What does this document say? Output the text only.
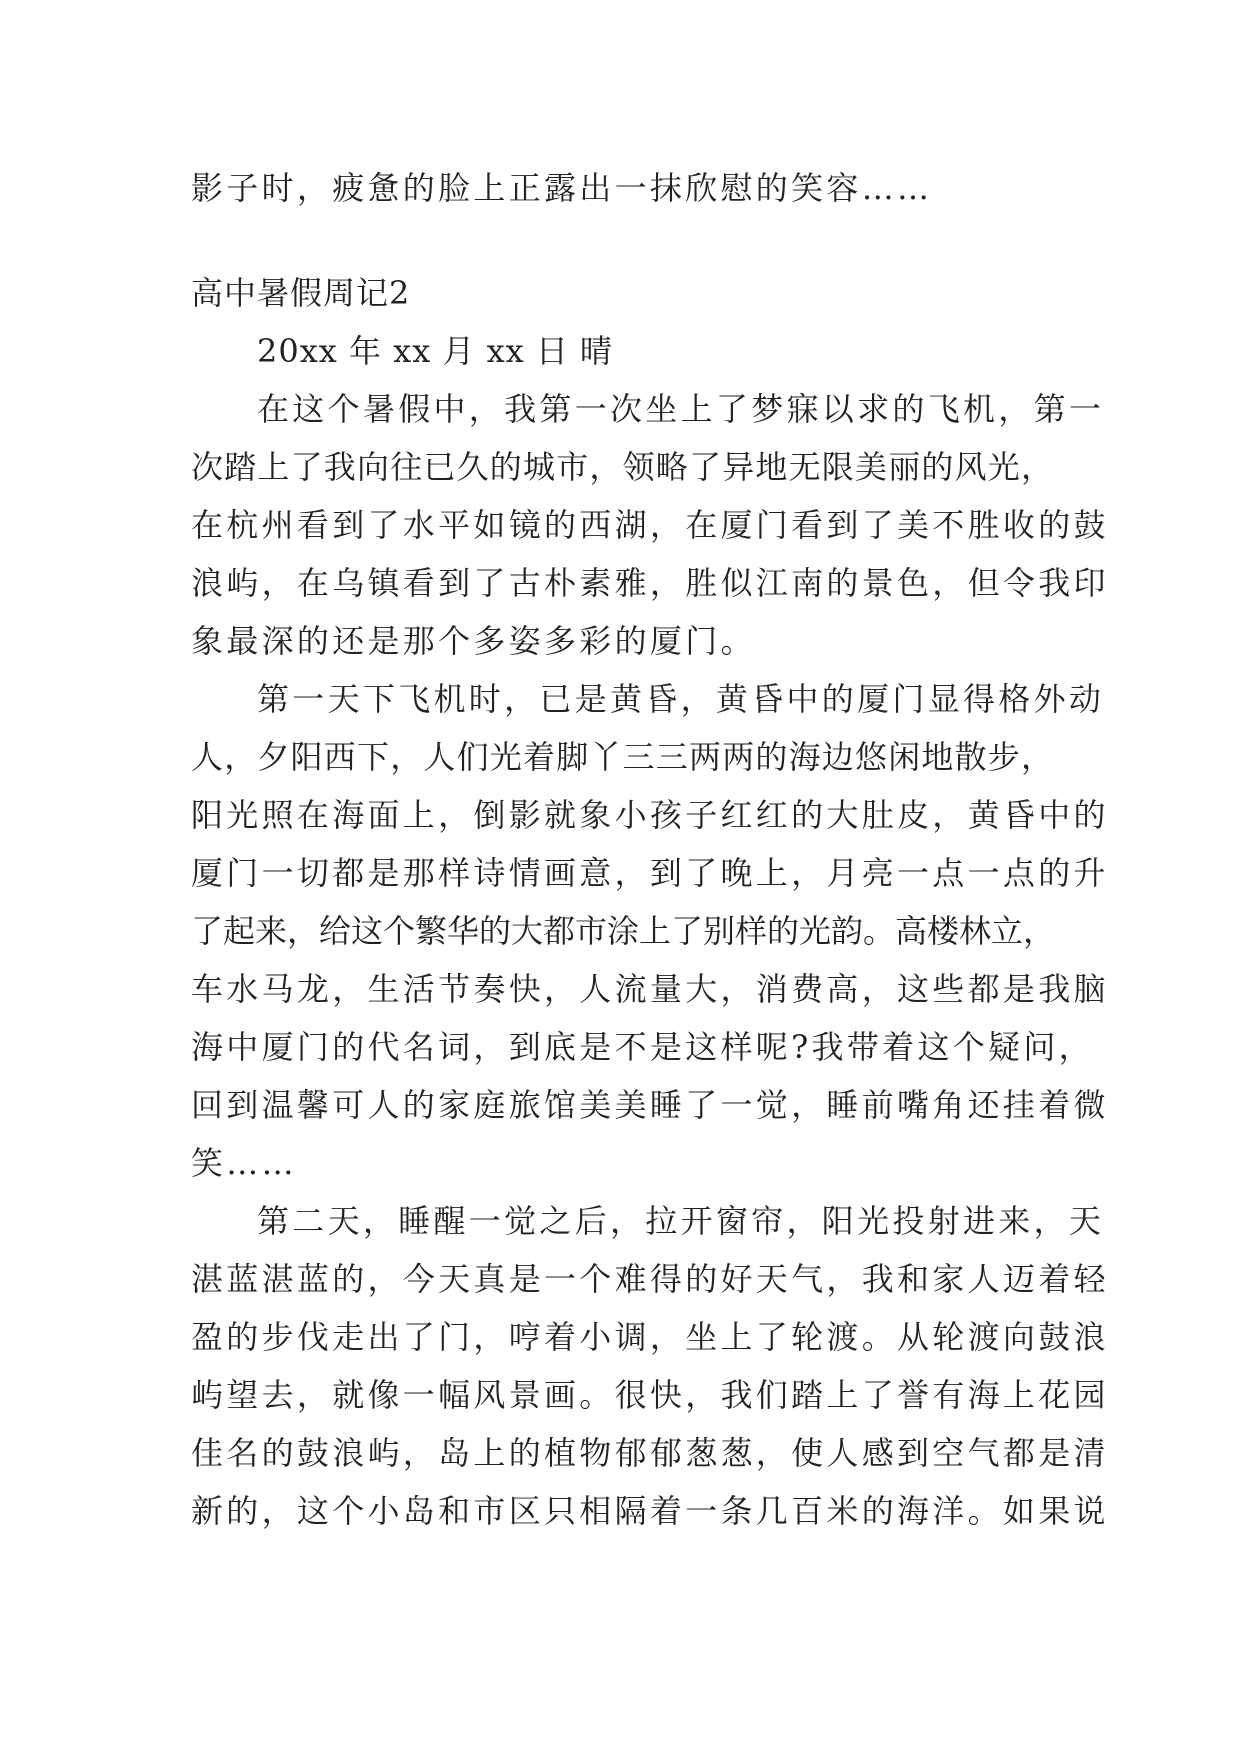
影子时，疲惫的脸上正露出一抹欣慰的笑容……
高中暑假周记2
20xx 年 xx 月 xx 日 晴
在这个暑假中，我第一次坐上了梦寐以求的飞机，第一
次踏上了我向往已久的城市，领略了异地无限美丽的风光，
在杭州看到了水平如镜的西湖，在厦门看到了美不胜收的鼓
浪屿，在乌镇看到了古朴素雅，胜似江南的景色，但令我印
象最深的还是那个多姿多彩的厦门。
第一天下飞机时，已是黄昏，黄昏中的厦门显得格外动
人，夕阳西下，人们光着脚丫三三两两的海边悠闲地散步，
阳光照在海面上，倒影就象小孩子红红的大肚皮，黄昏中的
厦门一切都是那样诗情画意，到了晚上，月亮一点一点的升
了起来，给这个繁华的大都市涂上了别样的光韵。高楼林立，
车水马龙，生活节奏快，人流量大，消费高，这些都是我脑
海中厦门的代名词，到底是不是这样呢?我带着这个疑问，
回到温馨可人的家庭旅馆美美睡了一觉，睡前嘴角还挂着微
笑……
第二天，睡醒一觉之后，拉开窗帘，阳光投射进来，天
湛蓝湛蓝的，今天真是一个难得的好天气，我和家人迈着轻
盈的步伐走出了门，哼着小调，坐上了轮渡。从轮渡向鼓浪
屿望去，就像一幅风景画。很快，我们踏上了誉有海上花园
佳名的鼓浪屿，岛上的植物郁郁葱葱，使人感到空气都是清
新的，这个小岛和市区只相隔着一条几百米的海洋。如果说
